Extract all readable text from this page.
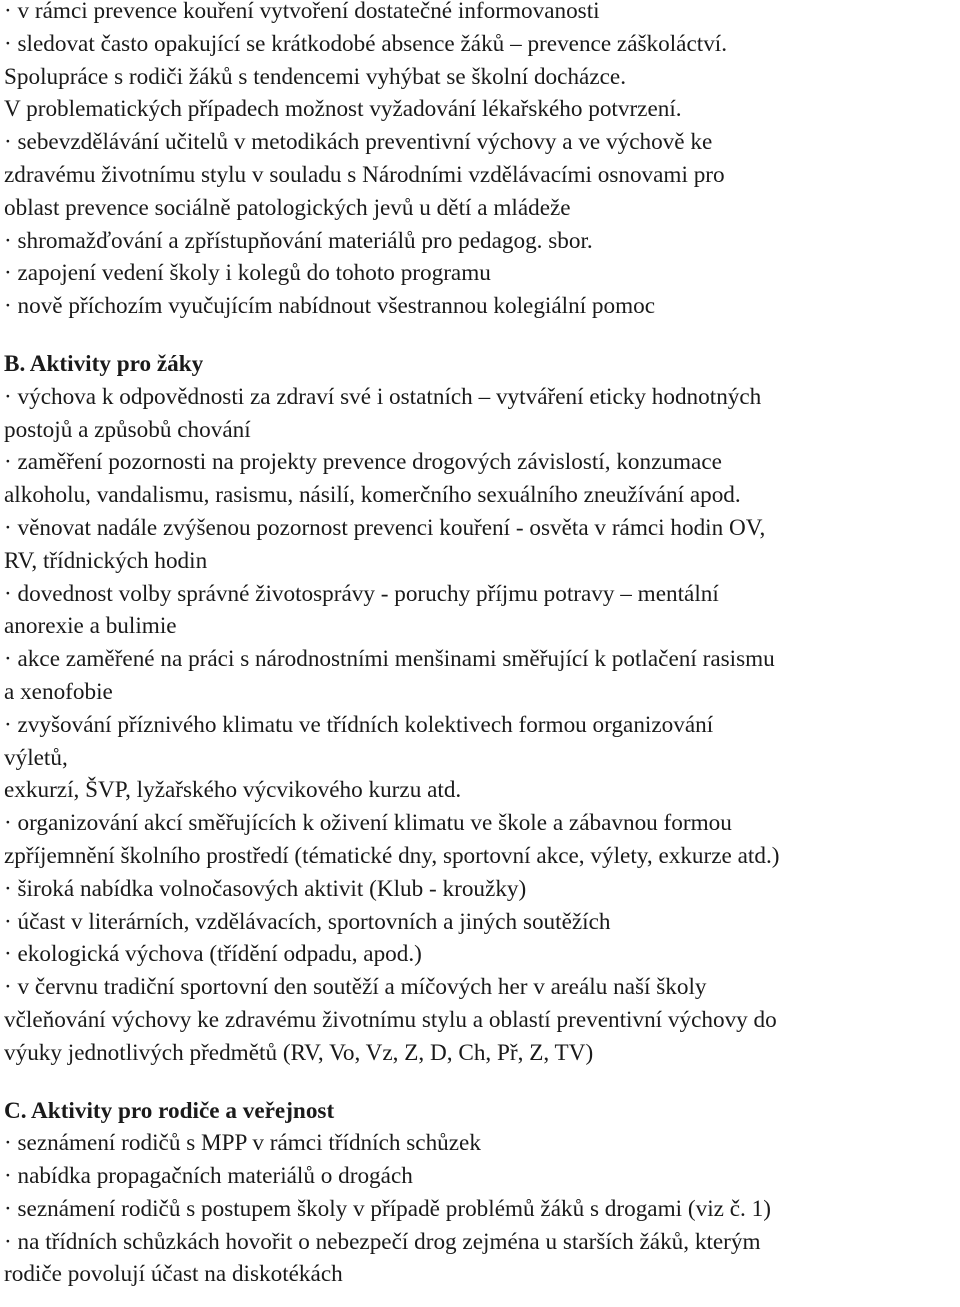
· v rámci prevence kouření vytvoření dostatečné informovanosti
· sledovat často opakující se krátkodobé absence žáků – prevence záškoláctví.
Spolupráce s rodiči žáků s tendencemi vyhýbat se školní docházce.
V problematických případech možnost vyžadování lékařského potvrzení.
· sebevzdělávání učitelů v metodikách preventivní výchovy a ve výchově ke
zdravému životnímu stylu v souladu s Národními vzdělávacími osnovami pro
oblast prevence sociálně patologických jevů u dětí a mládeže
· shromažďování a zpřístupňování materiálů pro pedagog. sbor.
· zapojení vedení školy i kolegů do tohoto programu
· nově příchozím vyučujícím nabídnout všestrannou kolegiální pomoc
B. Aktivity pro žáky
· výchova k odpovědnosti za zdraví své i ostatních – vytváření eticky hodnotných
postojů a způsobů chování
· zaměření pozornosti na projekty prevence drogových závislostí, konzumace
alkoholu, vandalismu, rasismu, násilí, komerčního sexuálního zneužívání apod.
· věnovat nadále zvýšenou pozornost prevenci kouření - osvěta v rámci hodin OV,
RV, třídnických hodin
· dovednost volby správné životosprávy - poruchy příjmu potravy – mentální
anorexie a bulimie
· akce zaměřené na práci s národnostními menšinami směřující k potlačení rasismu
a xenofobie
· zvyšování příznivého klimatu ve třídních kolektivech formou organizování
výletů,
exkurzí, ŠVP, lyžařského výcvikového kurzu atd.
· organizování akcí směřujících k oživení klimatu ve škole a zábavnou formou
zpříjemnění školního prostředí (tématické dny, sportovní akce, výlety, exkurze atd.)
· široká nabídka volnočasových aktivit (Klub - kroužky)
· účast v literárních, vzdělávacích, sportovních a jiných soutěžích
· ekologická výchova (třídění odpadu, apod.)
· v červnu tradiční sportovní den soutěží a míčových her v areálu naší školy
včleňování výchovy ke zdravému životnímu stylu a oblastí preventivní výchovy do
výuky jednotlivých předmětů (RV, Vo, Vz, Z, D, Ch, Př, Z, TV)
C. Aktivity pro rodiče a veřejnost
· seznámení rodičů s MPP v rámci třídních schůzek
· nabídka propagačních materiálů o drogách
· seznámení rodičů s postupem školy v případě problémů žáků s drogami (viz č. 1)
· na třídních schůzkách hovořit o nebezpečí drog zejména u starších žáků, kterým
rodiče povolují účast na diskotékách
